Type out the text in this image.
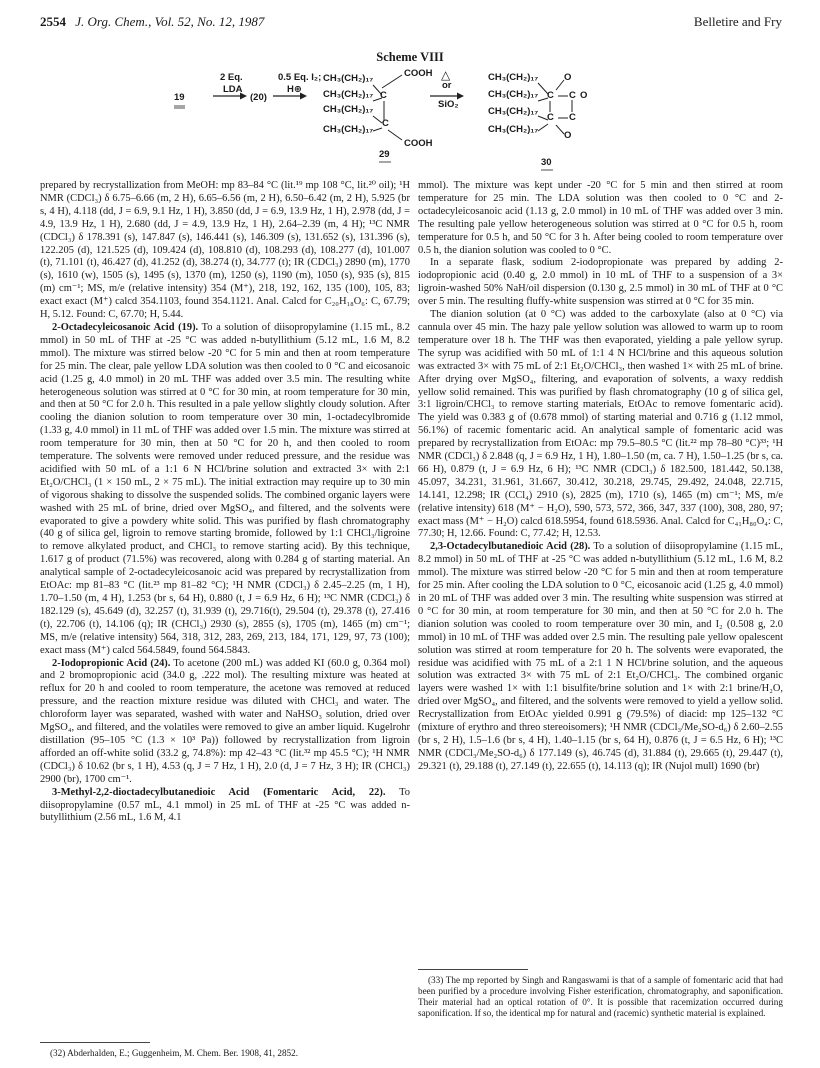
2554 J. Org. Chem., Vol. 52, No. 12, 1987	Belletire and Fry
Scheme VIII
19
2 Eq.
LDA
(20)
0.5 Eq. I₂;
H⊕
CH₃(CH₂)₁₇
CH₃(CH₂)₁₇
CH₃(CH₂)₁₇
CH₃(CH₂)₁₇
C
C
COOH
COOH
29
△
or
SiO₂
CH₃(CH₂)₁₇
CH₃(CH₂)₁₇
CH₃(CH₂)₁₇
CH₃(CH₂)₁₇
C C
C C
O
O
O
30

prepared by recrystallization from MeOH: mp 83–84 °C (lit.¹⁹ mp 108 °C, lit.²⁰ oil); ¹H NMR (CDCl₃) δ 6.75–6.66 (m, 2 H), 6.65–6.56 (m, 2 H), 6.50–6.42 (m, 2 H), 5.925 (br s, 4 H), 4.118 (dd, J = 6.9, 9.1 Hz, 1 H), 3.850 (dd, J = 6.9, 13.9 Hz, 1 H), 2.978 (dd, J = 4.9, 13.9 Hz, 1 H), 2.680 (dd, J = 4.9, 13.9 Hz, 1 H), 2.64–2.39 (m, 4 H); ¹³C NMR (CDCl₃) δ 178.391 (s), 147.847 (s), 146.441 (s), 146.309 (s), 131.652 (s), 131.396 (s), 122.205 (d), 121.525 (d), 109.424 (d), 108.810 (d), 108.293 (d), 108.277 (d), 101.007 (t), 71.101 (t), 46.427 (d), 41.252 (d), 38.274 (t), 34.777 (t); IR (CDCl₃) 2890 (m), 1770 (s), 1610 (w), 1505 (s), 1495 (s), 1370 (m), 1250 (s), 1190 (m), 1050 (s), 935 (s), 815 (m) cm⁻¹; MS, m/e (relative intensity) 354 (M⁺), 218, 192, 162, 135 (100), 105, 83; exact exact (M⁺) calcd 354.1103, found 354.1121. Anal. Calcd for C₂₀H₁₈O₆: C, 67.79; H, 5.12. Found: C, 67.70; H, 5.44.

2-Octadecyleicosanoic Acid (19). To a solution of diisopropylamine (1.15 mL, 8.2 mmol) in 50 mL of THF at -25 °C was added n-butyllithium (5.12 mL, 1.6 M, 8.2 mmol). The mixture was stirred below -20 °C for 5 min and then at room temperature for 25 min. The clear, pale yellow LDA solution was then cooled to 0 °C and eicosanoic acid (1.25 g, 4.0 mmol) in 20 mL THF was added over 3.5 min. The resulting white heterogeneous solution was stirred at 0 °C for 30 min, at room temperature for 30 min, and then at 50 °C for 2.0 h. This resulted in a pale yellow slightly cloudy solution. After cooling the dianion solution to room temperature over 30 min, 1-octadecylbromide (1.33 g, 4.0 mmol) in 11 mL of THF was added over 1.5 min. The mixture was stirred at room temperature for 30 min, then at 50 °C for 20 h, and then cooled to room temperature. The solvents were removed under reduced pressure, and the residue was acidified with 50 mL of a 1:1 6 N HCl/brine solution and extracted 3× with 2:1 Et₂O/CHCl₃ (1 × 150 mL, 2 × 75 mL). The initial extraction may require up to 30 min of vigorous shaking to dissolve the suspended solids. The combined organic layers were washed with 25 mL of brine, dried over MgSO₄, and filtered, and the solvents were evaporated to give a powdery white solid. This was purified by flash chromatography (40 g of silica gel, ligroin to remove starting bromide, followed by 1:1 CHCl₃/ligroine to remove alkylated product, and CHCl₃ to remove starting acid). By this technique, 1.617 g of product (71.5%) was recovered, along with 0.284 g of starting material. An analytical sample of 2-octadecyleicosanoic acid was prepared by recrystallization from EtOAc: mp 81–83 °C (lit.²³ mp 81–82 °C); ¹H NMR (CDCl₃) δ 2.45–2.25 (m, 1 H), 1.70–1.50 (m, 4 H), 1.253 (br s, 64 H), 0.880 (t, J = 6.9 Hz, 6 H); ¹³C NMR (CDCl₃) δ 182.129 (s), 45.649 (d), 32.257 (t), 31.939 (t), 29.716(t), 29.504 (t), 29.378 (t), 27.416 (t), 22.706 (t), 14.106 (q); IR (CHCl₃) 2930 (s), 2855 (s), 1705 (m), 1465 (m) cm⁻¹; MS, m/e (relative intensity) 564, 318, 312, 283, 269, 213, 184, 171, 129, 97, 73 (100); exact mass (M⁺) calcd 564.5849, found 564.5843.

2-Iodopropionic Acid (24). To acetone (200 mL) was added KI (60.0 g, 0.364 mol) and 2 bromopropionic acid (34.0 g, .222 mol). The resulting mixture was heated at reflux for 20 h and cooled to room temperature, the acetone was removed at reduced pressure, and the reaction mixture residue was diluted with CHCl₃ and water. The chloroform layer was separated, washed with water and NaHSO₃ solution, dried over MgSO₄, and filtered, and the volatiles were removed to give an amber liquid. Kugelrohr distillation (95–105 °C (1.3 × 10³ Pa)) followed by recrystallization from ligroin afforded an off-white solid (33.2 g, 74.8%): mp 42–43 °C (lit.³² mp 45.5 °C); ¹H NMR (CDCl₃) δ 10.62 (br s, 1 H), 4.53 (q, J = 7 Hz, 1 H), 2.0 (d, J = 7 Hz, 3 H); IR (CHCl₃) 2900 (br), 1700 cm⁻¹.

3-Methyl-2,2-dioctadecylbutanedioic Acid (Fomentaric Acid, 22). To diisopropylamine (0.57 mL, 4.1 mmol) in 25 mL of THF at -25 °C was added n-butyllithium (2.56 mL, 1.6 M, 4.1

mmol). The mixture was kept under -20 °C for 5 min and then stirred at room temperature for 25 min. The LDA solution was then cooled to 0 °C and 2-octadecyleicosanoic acid (1.13 g, 2.0 mmol) in 10 mL of THF was added over 3 min. The resulting pale yellow heterogeneous solution was stirred at 0 °C for 0.5 h, room temperature for 0.5 h, and 50 °C for 3 h. After being cooled to room temperature over 0.5 h, the dianion solution was cooled to 0 °C.

In a separate flask, sodium 2-iodopropionate was prepared by adding 2-iodopropionic acid (0.40 g, 2.0 mmol) in 10 mL of THF to a suspension of a 3× ligroin-washed 50% NaH/oil dispersion (0.130 g, 2.5 mmol) in 30 mL of THF at 0 °C over 5 min. The resulting fluffy-white suspension was stirred at 0 °C for 35 min.

The dianion solution (at 0 °C) was added to the carboxylate (also at 0 °C) via cannula over 45 min. The hazy pale yellow solution was allowed to warm up to room temperature over 18 h. The THF was then evaporated, yielding a pale yellow syrup. The syrup was acidified with 50 mL of 1:1 4 N HCl/brine and this aqueous solution was extracted 3× with 75 mL of 2:1 Et₂O/CHCl₃, then washed 1× with 25 mL of brine. After drying over MgSO₄, filtering, and evaporation of solvents, a waxy reddish yellow solid remained. This was purified by flash chromatography (10 g of silica gel, 3:1 ligroin/CHCl₃ to remove starting materials, EtOAc to remove fomentaric acid). The yield was 0.383 g of (0.678 mmol) of starting material and 0.716 g (1.12 mmol, 56.1%) of racemic fomentaric acid. An analytical sample of fomentaric acid was prepared by recrystallization from EtOAc: mp 79.5–80.5 °C (lit.²² mp 78–80 °C)³³; ¹H NMR (CDCl₃) δ 2.848 (q, J = 6.9 Hz, 1 H), 1.80–1.50 (m, ca. 7 H), 1.50–1.25 (br s, ca. 66 H), 0.879 (t, J = 6.9 Hz, 6 H); ¹³C NMR (CDCl₃) δ 182.500, 181.442, 50.138, 45.097, 34.231, 31.961, 31.667, 30.412, 30.218, 29.745, 29.492, 24.048, 22.715, 14.141, 12.298; IR (CCl₄) 2910 (s), 2825 (m), 1710 (s), 1465 (m) cm⁻¹; MS, m/e (relative intensity) 618 (M⁺ − H₂O), 590, 573, 572, 366, 347, 337 (100), 308, 280, 97; exact mass (M⁺ − H₂O) calcd 618.5954, found 618.5936. Anal. Calcd for C₄₁H₈₀O₄: C, 77.30; H, 12.66. Found: C, 77.42; H, 12.53.

2,3-Octadecylbutanedioic Acid (28). To a solution of diisopropylamine (1.15 mL, 8.2 mmol) in 50 mL of THF at -25 °C was added n-butyllithium (5.12 mL, 1.6 M, 8.2 mmol). The mixture was stirred below -20 °C for 5 min and then at room temperature for 25 min. After cooling the LDA solution to 0 °C, eicosanoic acid (1.25 g, 4.0 mmol) in 20 mL of THF was added over 3 min. The resulting white suspension was stirred at 0 °C for 30 min, at room temperature for 30 min, and then at 50 °C for 2.0 h. The dianion solution was cooled to room temperature over 30 min, and I₂ (0.508 g, 2.0 mmol) in 10 mL of THF was added over 2.5 min. The resulting pale yellow opalescent solution was stirred at room temperature for 20 h. The solvents were evaporated, the residue was acidified with 75 mL of a 2:1 1 N HCl/brine solution, and the aqueous solution was extracted 3× with 75 mL of 2:1 Et₂O/CHCl₃. The combined organic layers were washed 1× with 1:1 bisulfite/brine solution and 1× with 2:1 brine/H₂O, dried over MgSO₄, and filtered, and the solvents were removed to yield a yellow solid. Recrystallization from EtOAc yielded 0.991 g (79.5%) of diacid: mp 125–132 °C (mixture of erythro and threo stereoisomers); ¹H NMR (CDCl₃/Me₂SO-d₆) δ 2.60–2.55 (br s, 2 H), 1.5–1.6 (br s, 4 H), 1.40–1.15 (br s, 64 H), 0.876 (t, J = 6.5 Hz, 6 H); ¹³C NMR (CDCl₃/Me₂SO-d₆) δ 177.149 (s), 46.745 (d), 31.884 (t), 29.665 (t), 29.447 (t), 29.321 (t), 29.188 (t), 27.149 (t), 22.655 (t), 14.113 (q); IR (Nujol mull) 1690 (br)

(32) Abderhalden, E.; Guggenheim, M. Chem. Ber. 1908, 41, 2852.
(33) The mp reported by Singh and Rangaswami is that of a sample of fomentaric acid that had been purified by a procedure involving Fisher esterification, chromatography, and saponification. Their material had an optical rotation of 0°. It is possible that racemization occurred during saponification. If so, the identical mp for natural and (racemic) synthetic material is explained.
